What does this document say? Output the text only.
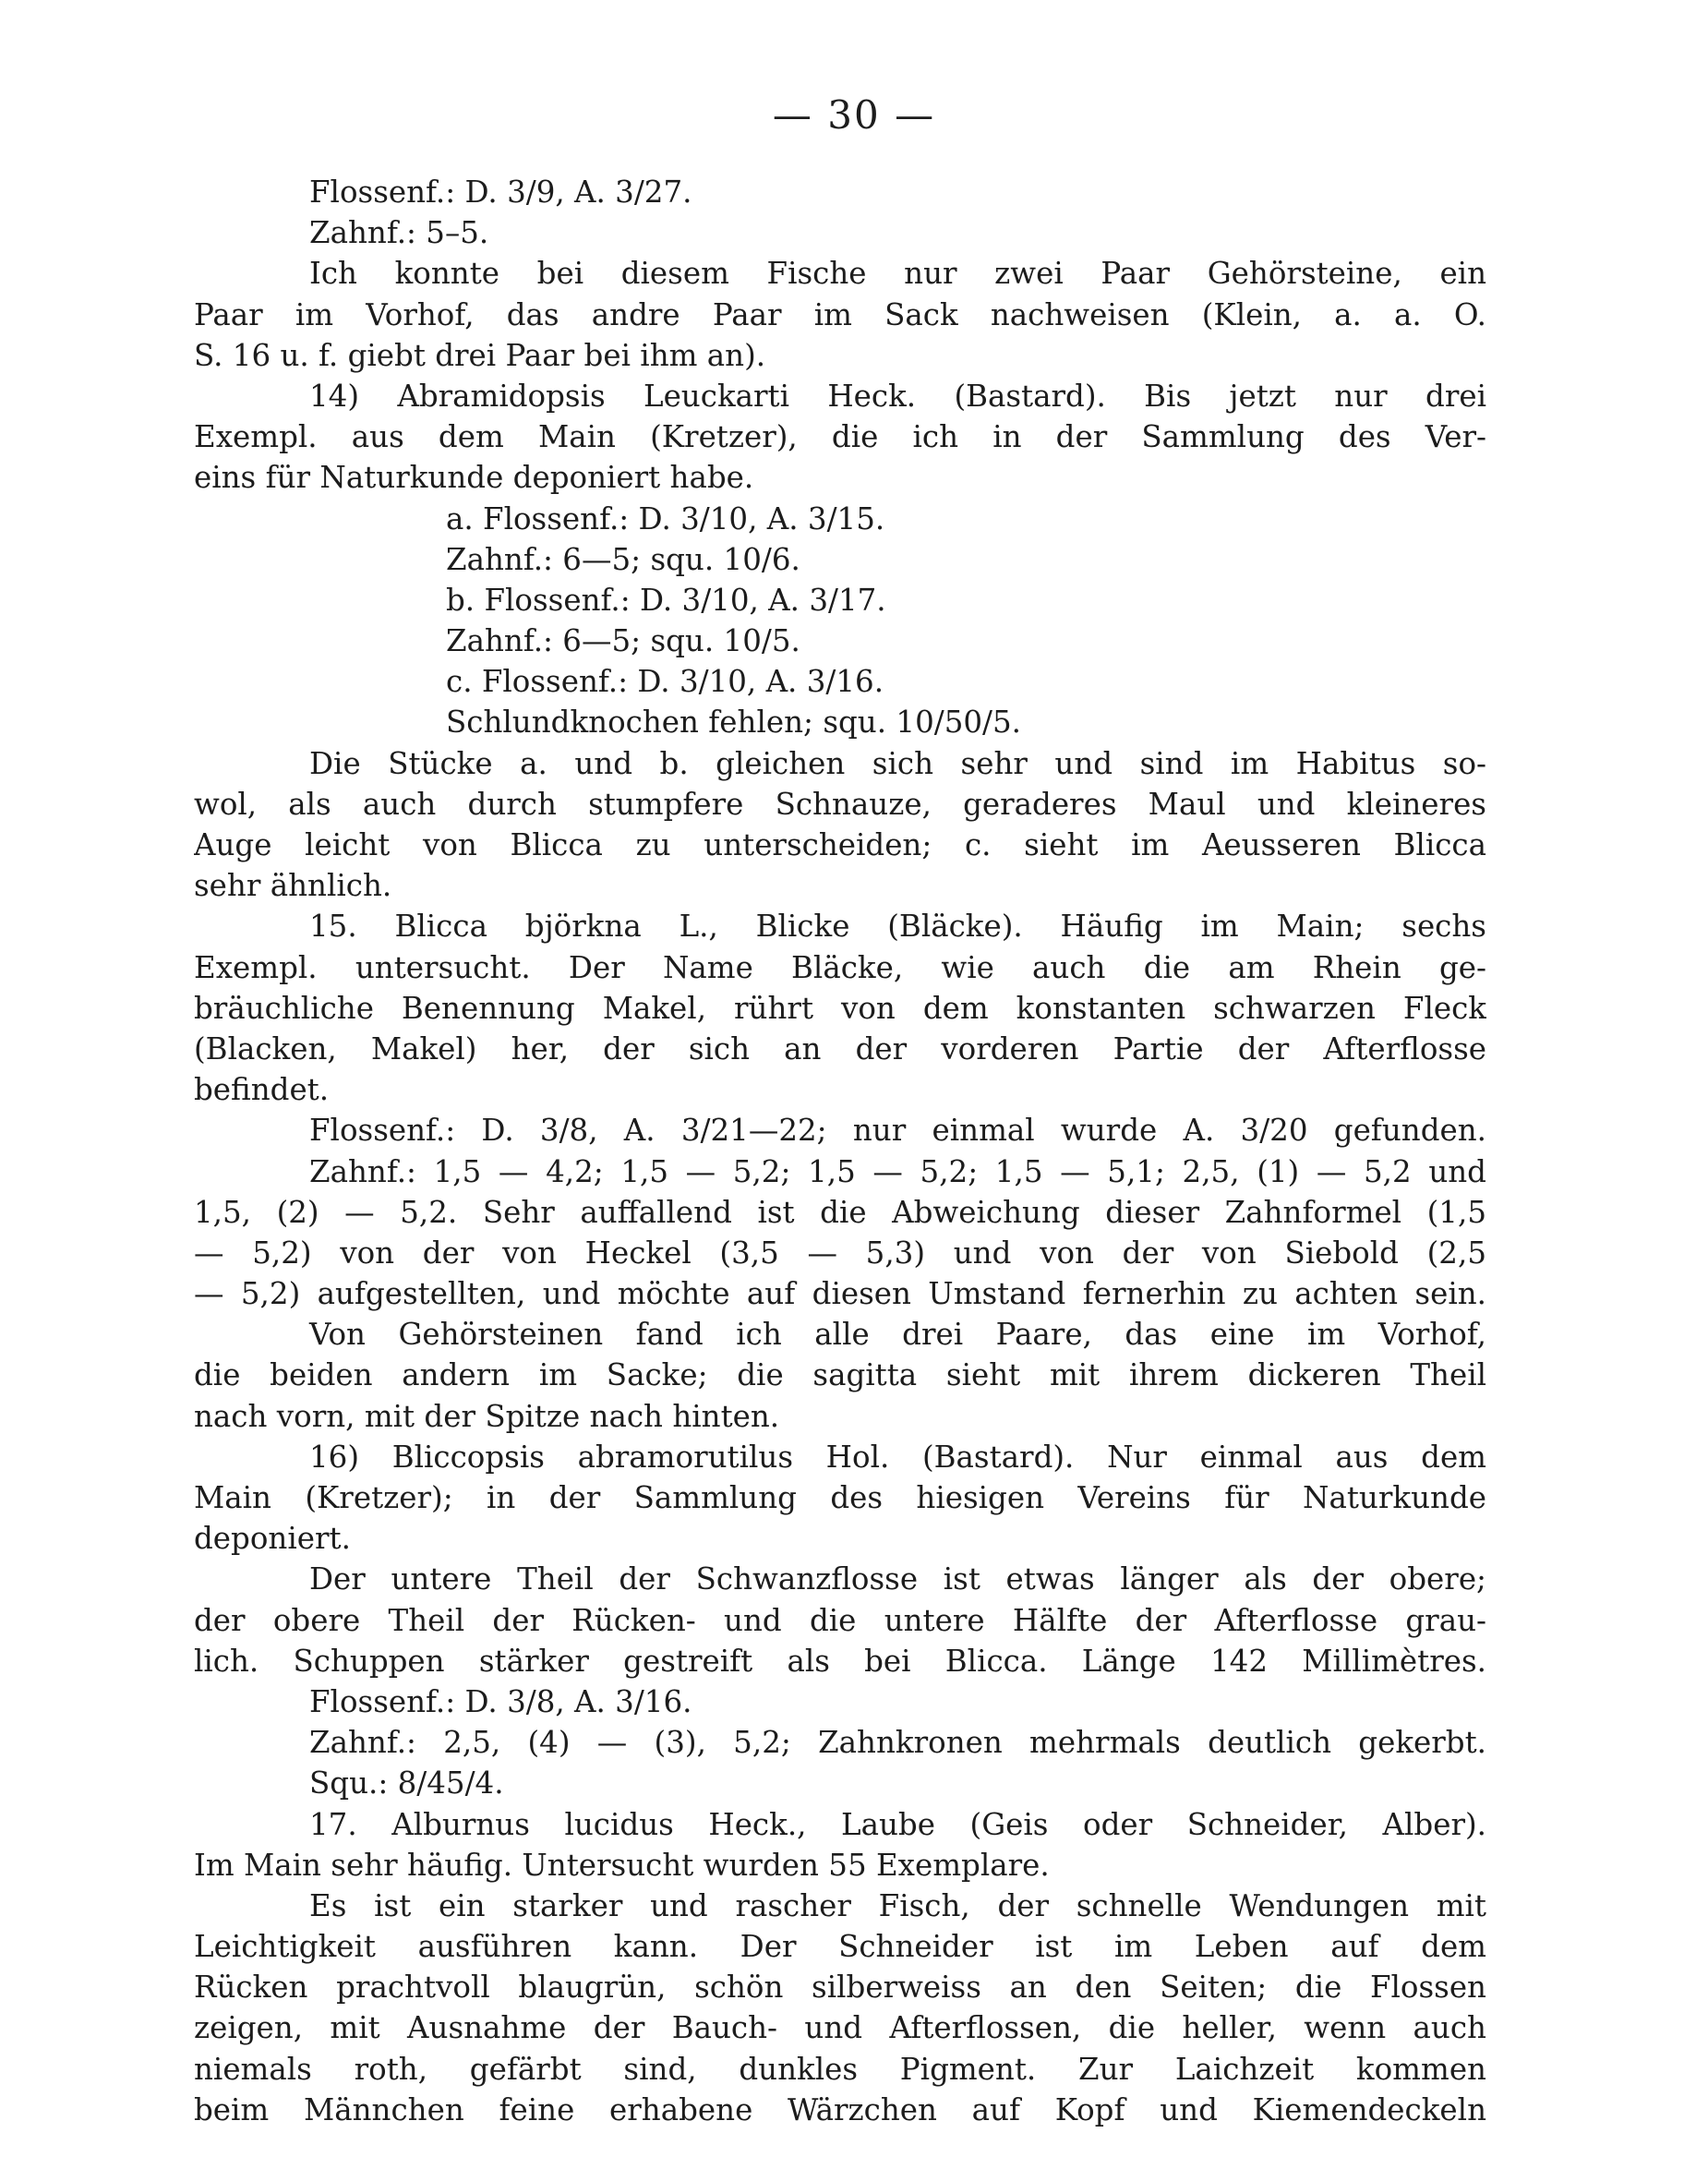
— 30 —
Flossenf.: D. 3/9, A. 3/27.
Zahnf.: 5–5.
Ich konnte bei diesem Fische nur zwei Paar Gehörsteine, ein
Paar im Vorhof, das andre Paar im Sack nachweisen (Klein, a. a. O.
S. 16 u. f. giebt drei Paar bei ihm an).
14) Abramidopsis Leuckarti Heck. (Bastard). Bis jetzt nur drei
Exempl. aus dem Main (Kretzer), die ich in der Sammlung des Ver-
eins für Naturkunde deponiert habe.
a. Flossenf.: D. 3/10, A. 3/15.
Zahnf.: 6—5; squ. 10/6.
b. Flossenf.: D. 3/10, A. 3/17.
Zahnf.: 6—5; squ. 10/5.
c. Flossenf.: D. 3/10, A. 3/16.
Schlundknochen fehlen; squ. 10/50/5.
Die Stücke a. und b. gleichen sich sehr und sind im Habitus so-
wol, als auch durch stumpfere Schnauze, geraderes Maul und kleineres
Auge leicht von Blicca zu unterscheiden; c. sieht im Aeusseren Blicca
sehr ähnlich.
15. Blicca björkna L., Blicke (Bläcke). Häufig im Main; sechs
Exempl. untersucht. Der Name Bläcke, wie auch die am Rhein ge-
bräuchliche Benennung Makel, rührt von dem konstanten schwarzen Fleck
(Blacken, Makel) her, der sich an der vorderen Partie der Afterflosse
befindet.
Flossenf.: D. 3/8, A. 3/21—22; nur einmal wurde A. 3/20 gefunden.
Zahnf.: 1,5 — 4,2; 1,5 — 5,2; 1,5 — 5,2; 1,5 — 5,1; 2,5, (1) — 5,2 und
1,5, (2) — 5,2. Sehr auffallend ist die Abweichung dieser Zahnformel (1,5
— 5,2) von der von Heckel (3,5 — 5,3) und von der von Siebold (2,5
— 5,2) aufgestellten, und möchte auf diesen Umstand fernerhin zu achten sein.
Von Gehörsteinen fand ich alle drei Paare, das eine im Vorhof,
die beiden andern im Sacke; die sagitta sieht mit ihrem dickeren Theil
nach vorn, mit der Spitze nach hinten.
16) Bliccopsis abramorutilus Hol. (Bastard). Nur einmal aus dem
Main (Kretzer); in der Sammlung des hiesigen Vereins für Naturkunde
deponiert.
Der untere Theil der Schwanzflosse ist etwas länger als der obere;
der obere Theil der Rücken- und die untere Hälfte der Afterflosse grau-
lich. Schuppen stärker gestreift als bei Blicca. Länge 142 Millimètres.
Flossenf.: D. 3/8, A. 3/16.
Zahnf.: 2,5, (4) — (3), 5,2; Zahnkronen mehrmals deutlich gekerbt.
Squ.: 8/45/4.
17. Alburnus lucidus Heck., Laube (Geis oder Schneider, Alber).
Im Main sehr häufig. Untersucht wurden 55 Exemplare.
Es ist ein starker und rascher Fisch, der schnelle Wendungen mit
Leichtigkeit ausführen kann. Der Schneider ist im Leben auf dem
Rücken prachtvoll blaugrün, schön silberweiss an den Seiten; die Flossen
zeigen, mit Ausnahme der Bauch- und Afterflossen, die heller, wenn auch
niemals roth, gefärbt sind, dunkles Pigment. Zur Laichzeit kommen
beim Männchen feine erhabene Wärzchen auf Kopf und Kiemendeckeln
